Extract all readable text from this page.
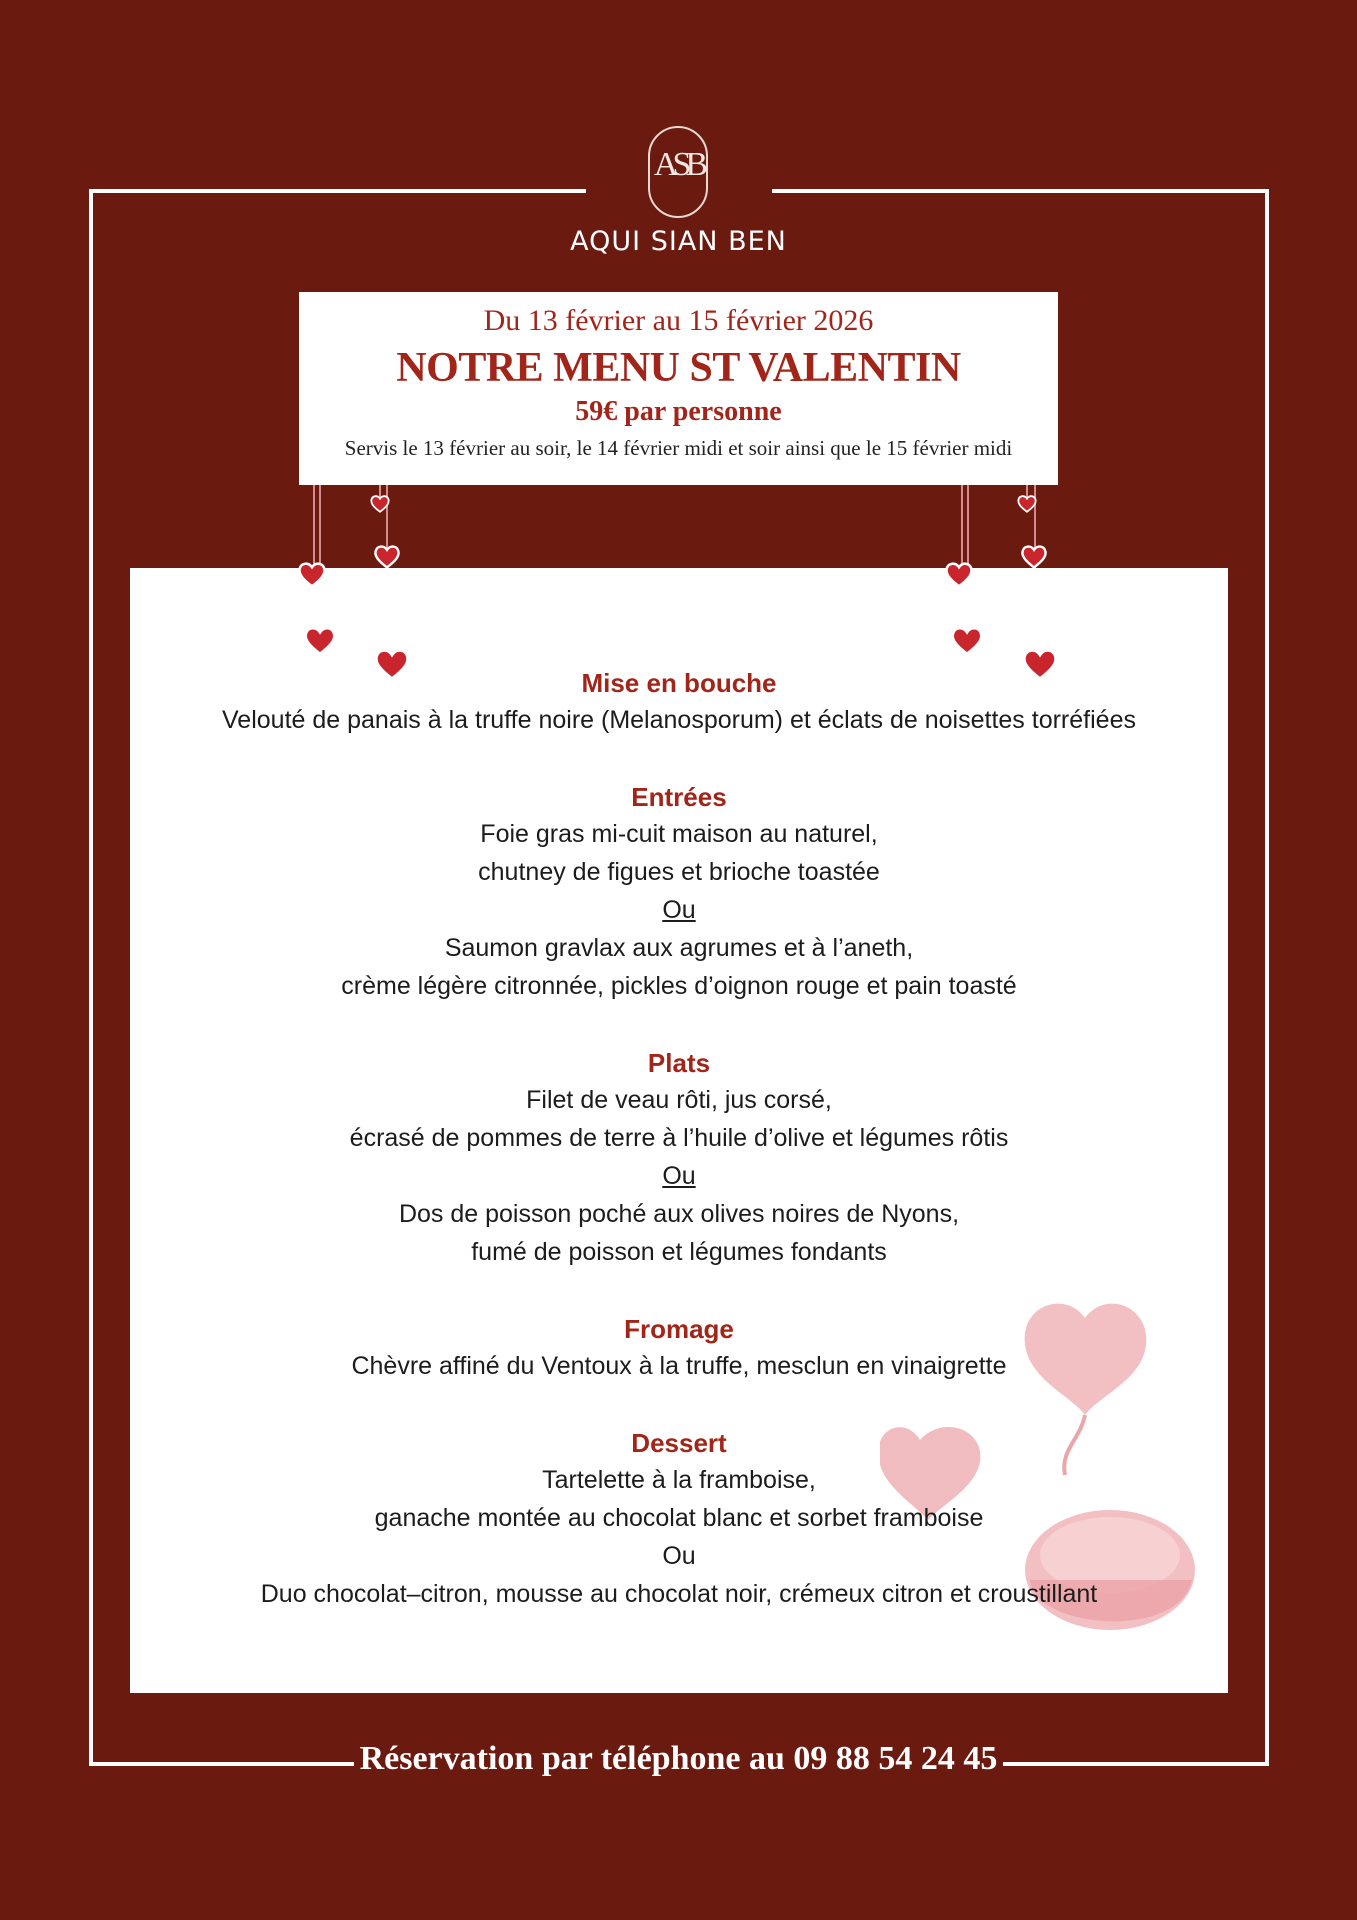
ASB
AQUI SIAN BEN
Du 13 février au 15 février 2026
NOTRE MENU ST VALENTIN
59€ par personne
Servis le 13 février au soir, le 14 février midi et soir ainsi que le 15 février midi
Mise en bouche
Velouté de panais à la truffe noire (Melanosporum) et éclats de noisettes torréfiées
Entrées
Foie gras mi-cuit maison au naturel,
chutney de figues et brioche toastée
Ou
Saumon gravlax aux agrumes et à l’aneth,
crème légère citronnée, pickles d’oignon rouge et pain toasté
Plats
Filet de veau rôti, jus corsé,
écrasé de pommes de terre à l’huile d’olive et légumes rôtis
Ou
Dos de poisson poché aux olives noires de Nyons,
fumé de poisson et légumes fondants
Fromage
Chèvre affiné du Ventoux à la truffe, mesclun en vinaigrette
Dessert
Tartelette à la framboise,
ganache montée au chocolat blanc et sorbet framboise
Ou
Duo chocolat–citron, mousse au chocolat noir, crémeux citron et croustillant
Réservation par téléphone au 09 88 54 24 45
